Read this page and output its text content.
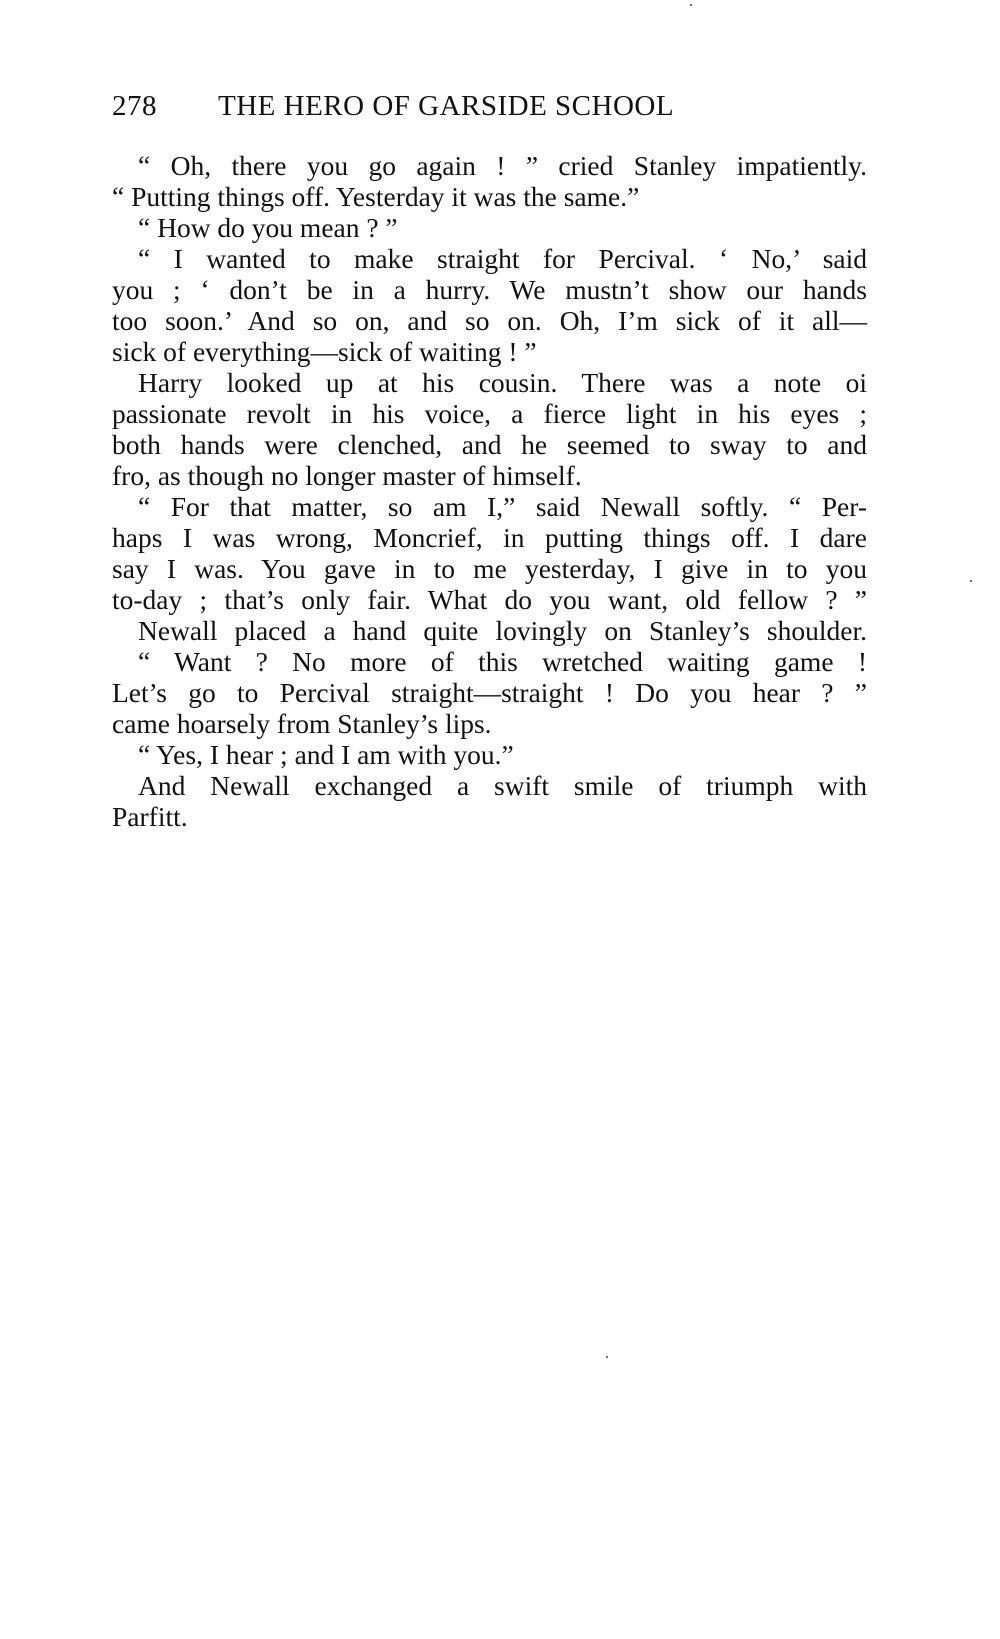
278 THE HERO OF GARSIDE SCHOOL
“ Oh, there you go again ! ” cried Stanley impatiently.
“ Putting things off. Yesterday it was the same.”
“ How do you mean ? ”
“ I wanted to make straight for Percival. ‘ No,’ said
you ; ‘ don’t be in a hurry. We mustn’t show our hands
too soon.’ And so on, and so on. Oh, I’m sick of it all—
sick of everything—sick of waiting ! ”
Harry looked up at his cousin. There was a note oi
passionate revolt in his voice, a fierce light in his eyes ;
both hands were clenched, and he seemed to sway to and
fro, as though no longer master of himself.
“ For that matter, so am I,” said Newall softly. “ Per-
haps I was wrong, Moncrief, in putting things off. I dare
say I was. You gave in to me yesterday, I give in to you
to-day ; that’s only fair. What do you want, old fellow ? ”
Newall placed a hand quite lovingly on Stanley’s shoulder.
“ Want ? No more of this wretched waiting game !
Let’s go to Percival straight—straight ! Do you hear ? ”
came hoarsely from Stanley’s lips.
“ Yes, I hear ; and I am with you.”
And Newall exchanged a swift smile of triumph with
Parfitt.
